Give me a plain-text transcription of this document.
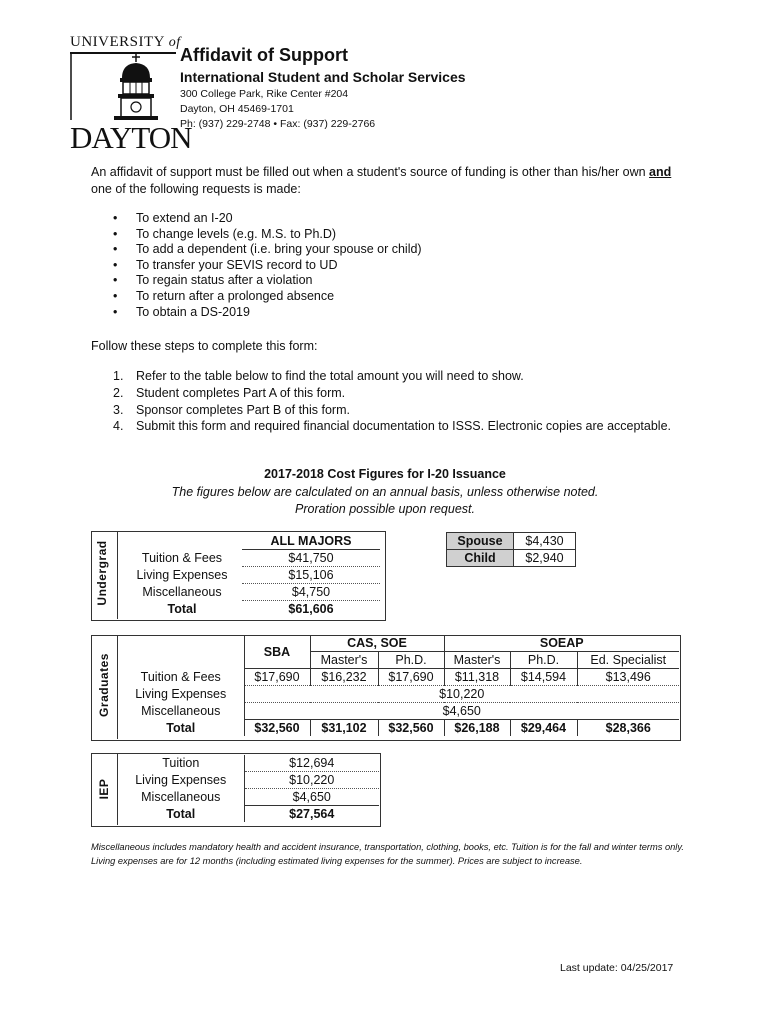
UNIVERSITY of
DAYTON
Affidavit of Support
International Student and Scholar Services
300 College Park, Rike Center #204
Dayton, OH 45469-1701
Ph: (937) 229-2748 • Fax: (937) 229-2766
An affidavit of support must be filled out when a student's source of funding is other than his/her own and
one of the following requests is made:
• To extend an I-20
• To change levels (e.g. M.S. to Ph.D)
• To add a dependent (i.e. bring your spouse or child)
• To transfer your SEVIS record to UD
• To regain status after a violation
• To return after a prolonged absence
• To obtain a DS-2019
Follow these steps to complete this form:
1. Refer to the table below to find the total amount you will need to show.
2. Student completes Part A of this form.
3. Sponsor completes Part B of this form.
4. Submit this form and required financial documentation to ISSS. Electronic copies are acceptable.
2017-2018 Cost Figures for I-20 Issuance
The figures below are calculated on an annual basis, unless otherwise noted.
Proration possible upon request.
Undergrad
		ALL MAJORS
Tuition & Fees	$41,750
Living Expenses	$15,106
Miscellaneous	$4,750
Total	$61,606
Spouse	$4,430
Child	$2,940
Graduates
	SBA	CAS, SOE		SOEAP		
		Master's	Ph.D.	Master's	Ph.D.	Ed. Specialist
Tuition & Fees	$17,690	$16,232	$17,690	$11,318	$14,594	$13,496
Living Expenses	$10,220					
Miscellaneous	$4,650					
Total	$32,560	$31,102	$32,560	$26,188	$29,464	$28,366
IEP
Tuition	$12,694
Living Expenses	$10,220
Miscellaneous	$4,650
Total	$27,564
Miscellaneous includes mandatory health and accident insurance, transportation, clothing, books, etc. Tuition is for the fall and winter terms only. Living expenses are for 12 months (including estimated living expenses for the summer). Prices are subject to increase.
Last update: 04/25/2017
